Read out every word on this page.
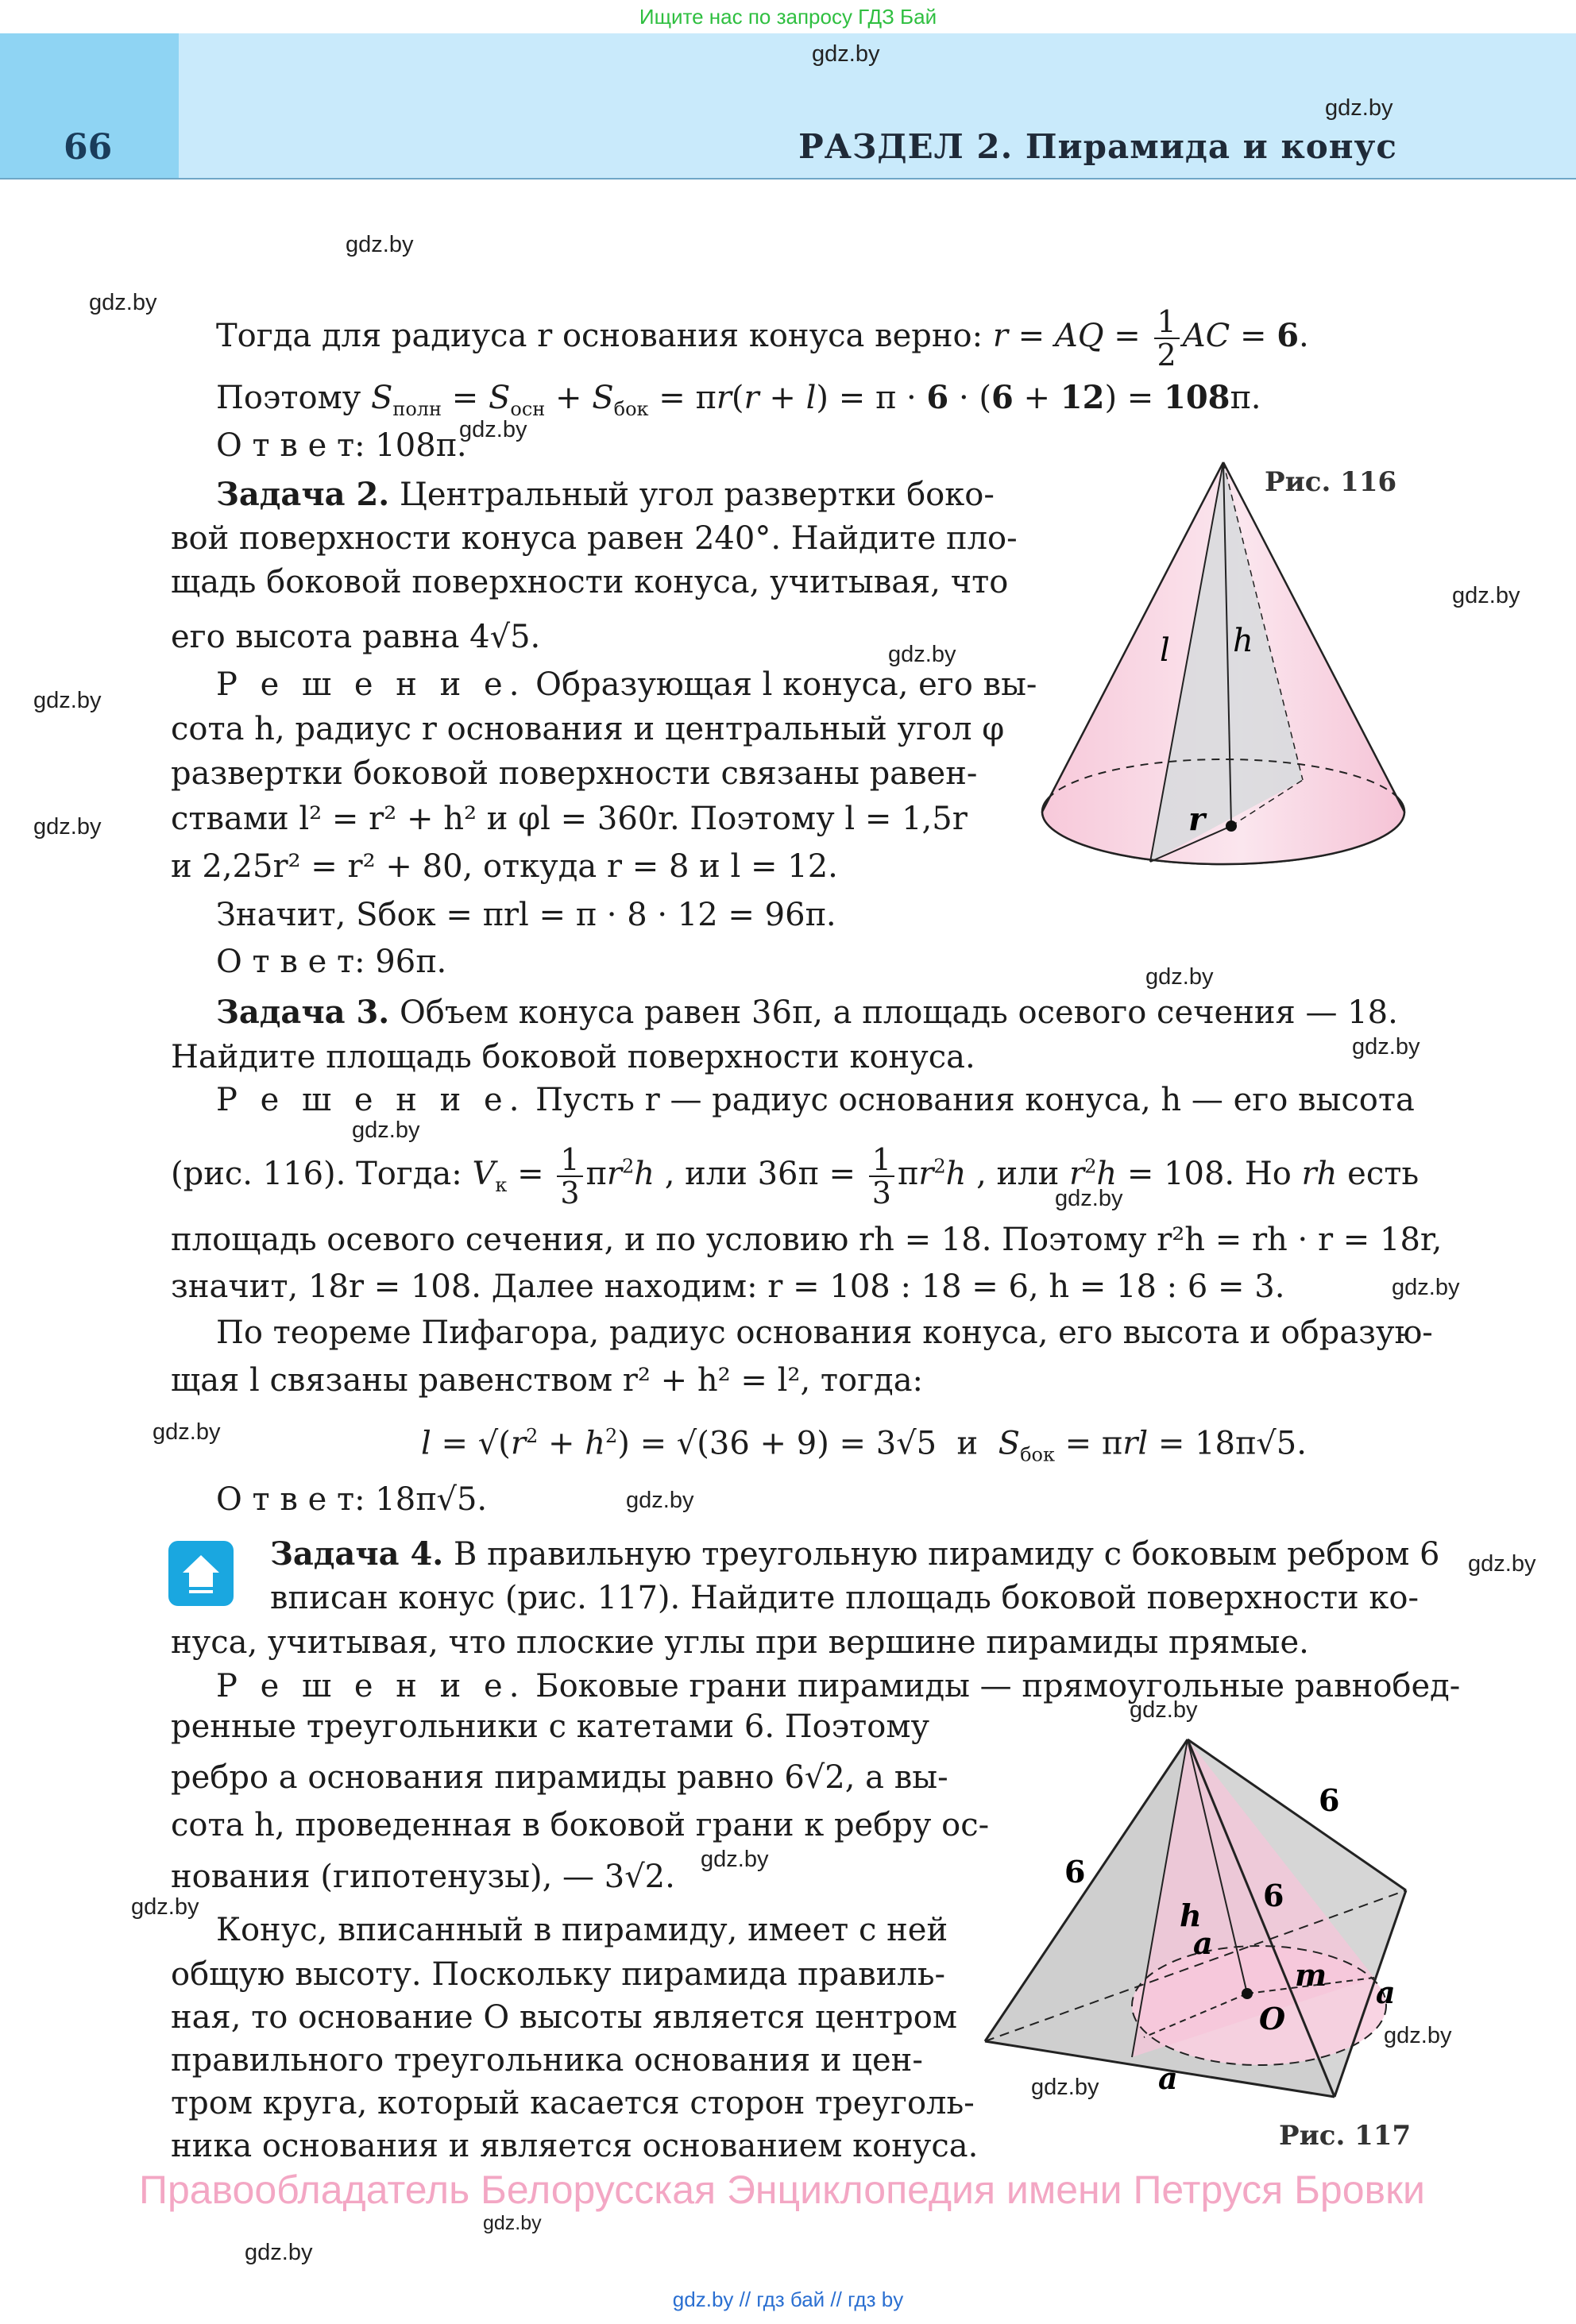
Ищите нас по запросу ГДЗ Бай
66	РАЗДЕЛ 2. Пирамида и конус
gdz.by
gdz.by
gdz.by
gdz.by
gdz.by
gdz.by
gdz.by
gdz.by
gdz.by
gdz.by
gdz.by
gdz.by
gdz.by
gdz.by
gdz.by
gdz.by
gdz.by
gdz.by
gdz.by
gdz.by
gdz.by
gdz.by
gdz.by
gdz.by
Тогда для радиуса r основания конуса верно: r = AQ = $\frac{1}{2}$ AC = 6.
Поэтому $S_{полн} = S_{осн} + S_{бок} = \pi r(r + l) = \pi \cdot 6 \cdot (6 + 12) = 108\pi$.
О т в е т: 108π.
Задача 2. Центральный угол развертки боко-
вой поверхности конуса равен 240°. Найдите пло-
щадь боковой поверхности конуса, учитывая, что
его высота равна 4√5.
Р е ш е н и е. Образующая l конуса, его вы-
сота h, радиус r основания и центральный угол φ
развертки боковой поверхности связаны равен-
ствами l² = r² + h² и φl = 360r. Поэтому l = 1,5r
и 2,25r² = r² + 80, откуда r = 8 и l = 12.
Значит, Sбок = πrl = π · 8 · 12 = 96π.
О т в е т: 96π.
Задача 3. Объем конуса равен 36π, а площадь осевого сечения — 18.
Найдите площадь боковой поверхности конуса.
Р е ш е н и е. Пусть r — радиус основания конуса, h — его высота
(рис. 116). Тогда: $V_к = \frac{1}{3} \pi r^2h$ , или $36\pi = \frac{1}{3} \pi r^2h$ , или $r^2h = 108$. Но rh есть
площадь осевого сечения, и по условию rh = 18. Поэтому r²h = rh · r = 18r,
значит, 18r = 108. Далее находим: r = 108 : 18 = 6, h = 18 : 6 = 3.
По теореме Пифагора, радиус основания конуса, его высота и образую-
щая l связаны равенством r² + h² = l², тогда:
$l = √(r^2 + h^2) = √(36 + 9) = 3√5$  и  $S_{бок} = \pi rl = 18\pi√5$.
О т в е т: 18π√5.
Задача 4. В правильную треугольную пирамиду с боковым ребром 6
вписан конус (рис. 117). Найдите площадь боковой поверхности ко-
нуса, учитывая, что плоские углы при вершине пирамиды прямые.
Р е ш е н и е. Боковые грани пирамиды — прямоугольные равнобед-
ренные треугольники с катетами 6. Поэтому
ребро a основания пирамиды равно 6√2, а вы-
сота h, проведенная в боковой грани к ребру ос-
нования (гипотенузы), — 3√2.
Конус, вписанный в пирамиду, имеет с ней
общую высоту. Поскольку пирамида правиль-
ная, то основание O высоты является центром
правильного треугольника основания и цен-
тром круга, который касается сторон треуголь-
ника основания и является основанием конуса.
l h
r
Рис. 116
6
6
6
h
a
m
O
a
a
Рис. 117
Правообладатель Белорусская Энциклопедия имени Петруся Бровки
gdz.by // гдз бай // гдз by
